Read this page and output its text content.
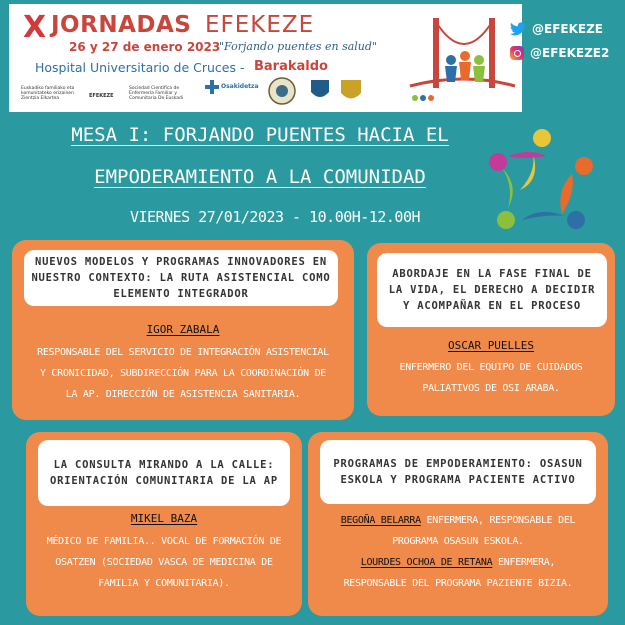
X JORNADAS EFEKEZE
26 y 27 de enero 2023
"Forjando puentes en salud"
Hospital Universitario de Cruces - Barakaldo
Euskadiko familiako eta komunitateko erizainen Zientzia Elkartea	EFEKEZE
Sociedad Científica de Enfermería Familiar y Comunitaria De Euskadi
Osakidetza
@EFEKEZE
@EFEKEZE2
MESA I: FORJANDO PUENTES HACIA EL
EMPODERAMIENTO A LA COMUNIDAD
VIERNES 27/01/2023 - 10.00H-12.00H
NUEVOS MODELOS Y PROGRAMAS INNOVADORES EN NUESTRO CONTEXTO: LA RUTA ASISTENCIAL COMO ELEMENTO INTEGRADOR
IGOR ZABALA
RESPONSABLE DEL SERVICIO DE INTEGRACIÓN ASISTENCIAL
Y CRONICIDAD, SUBDIRECCIÓN PARA LA COORDINACIÓN DE
LA AP. DIRECCIÓN DE ASISTENCIA SANITARIA.
ABORDAJE EN LA FASE FINAL DE LA VIDA, EL DERECHO A DECIDIR Y ACOMPAÑAR EN EL PROCESO
OSCAR PUELLES
ENFERMERO DEL EQUIPO DE CUIDADOS
PALIATIVOS DE OSI ARABA.
LA CONSULTA MIRANDO A LA CALLE: ORIENTACIÓN COMUNITARIA DE LA AP
MIKEL BAZA
MÉDICO DE FAMILIA.. VOCAL DE FORMACIÓN DE
OSATZEN (SOCIEDAD VASCA DE MEDICINA DE
FAMILIA Y COMUNITARIA).
PROGRAMAS DE EMPODERAMIENTO: OSASUN ESKOLA Y PROGRAMA PACIENTE ACTIVO
BEGOÑA BELARRA ENFERMERA, RESPONSABLE DEL
PROGRAMA OSASUN ESKOLA.
LOURDES OCHOA DE RETANA ENFERMERA,
RESPONSABLE DEL PROGRAMA PAZIENTE BIZIA.
